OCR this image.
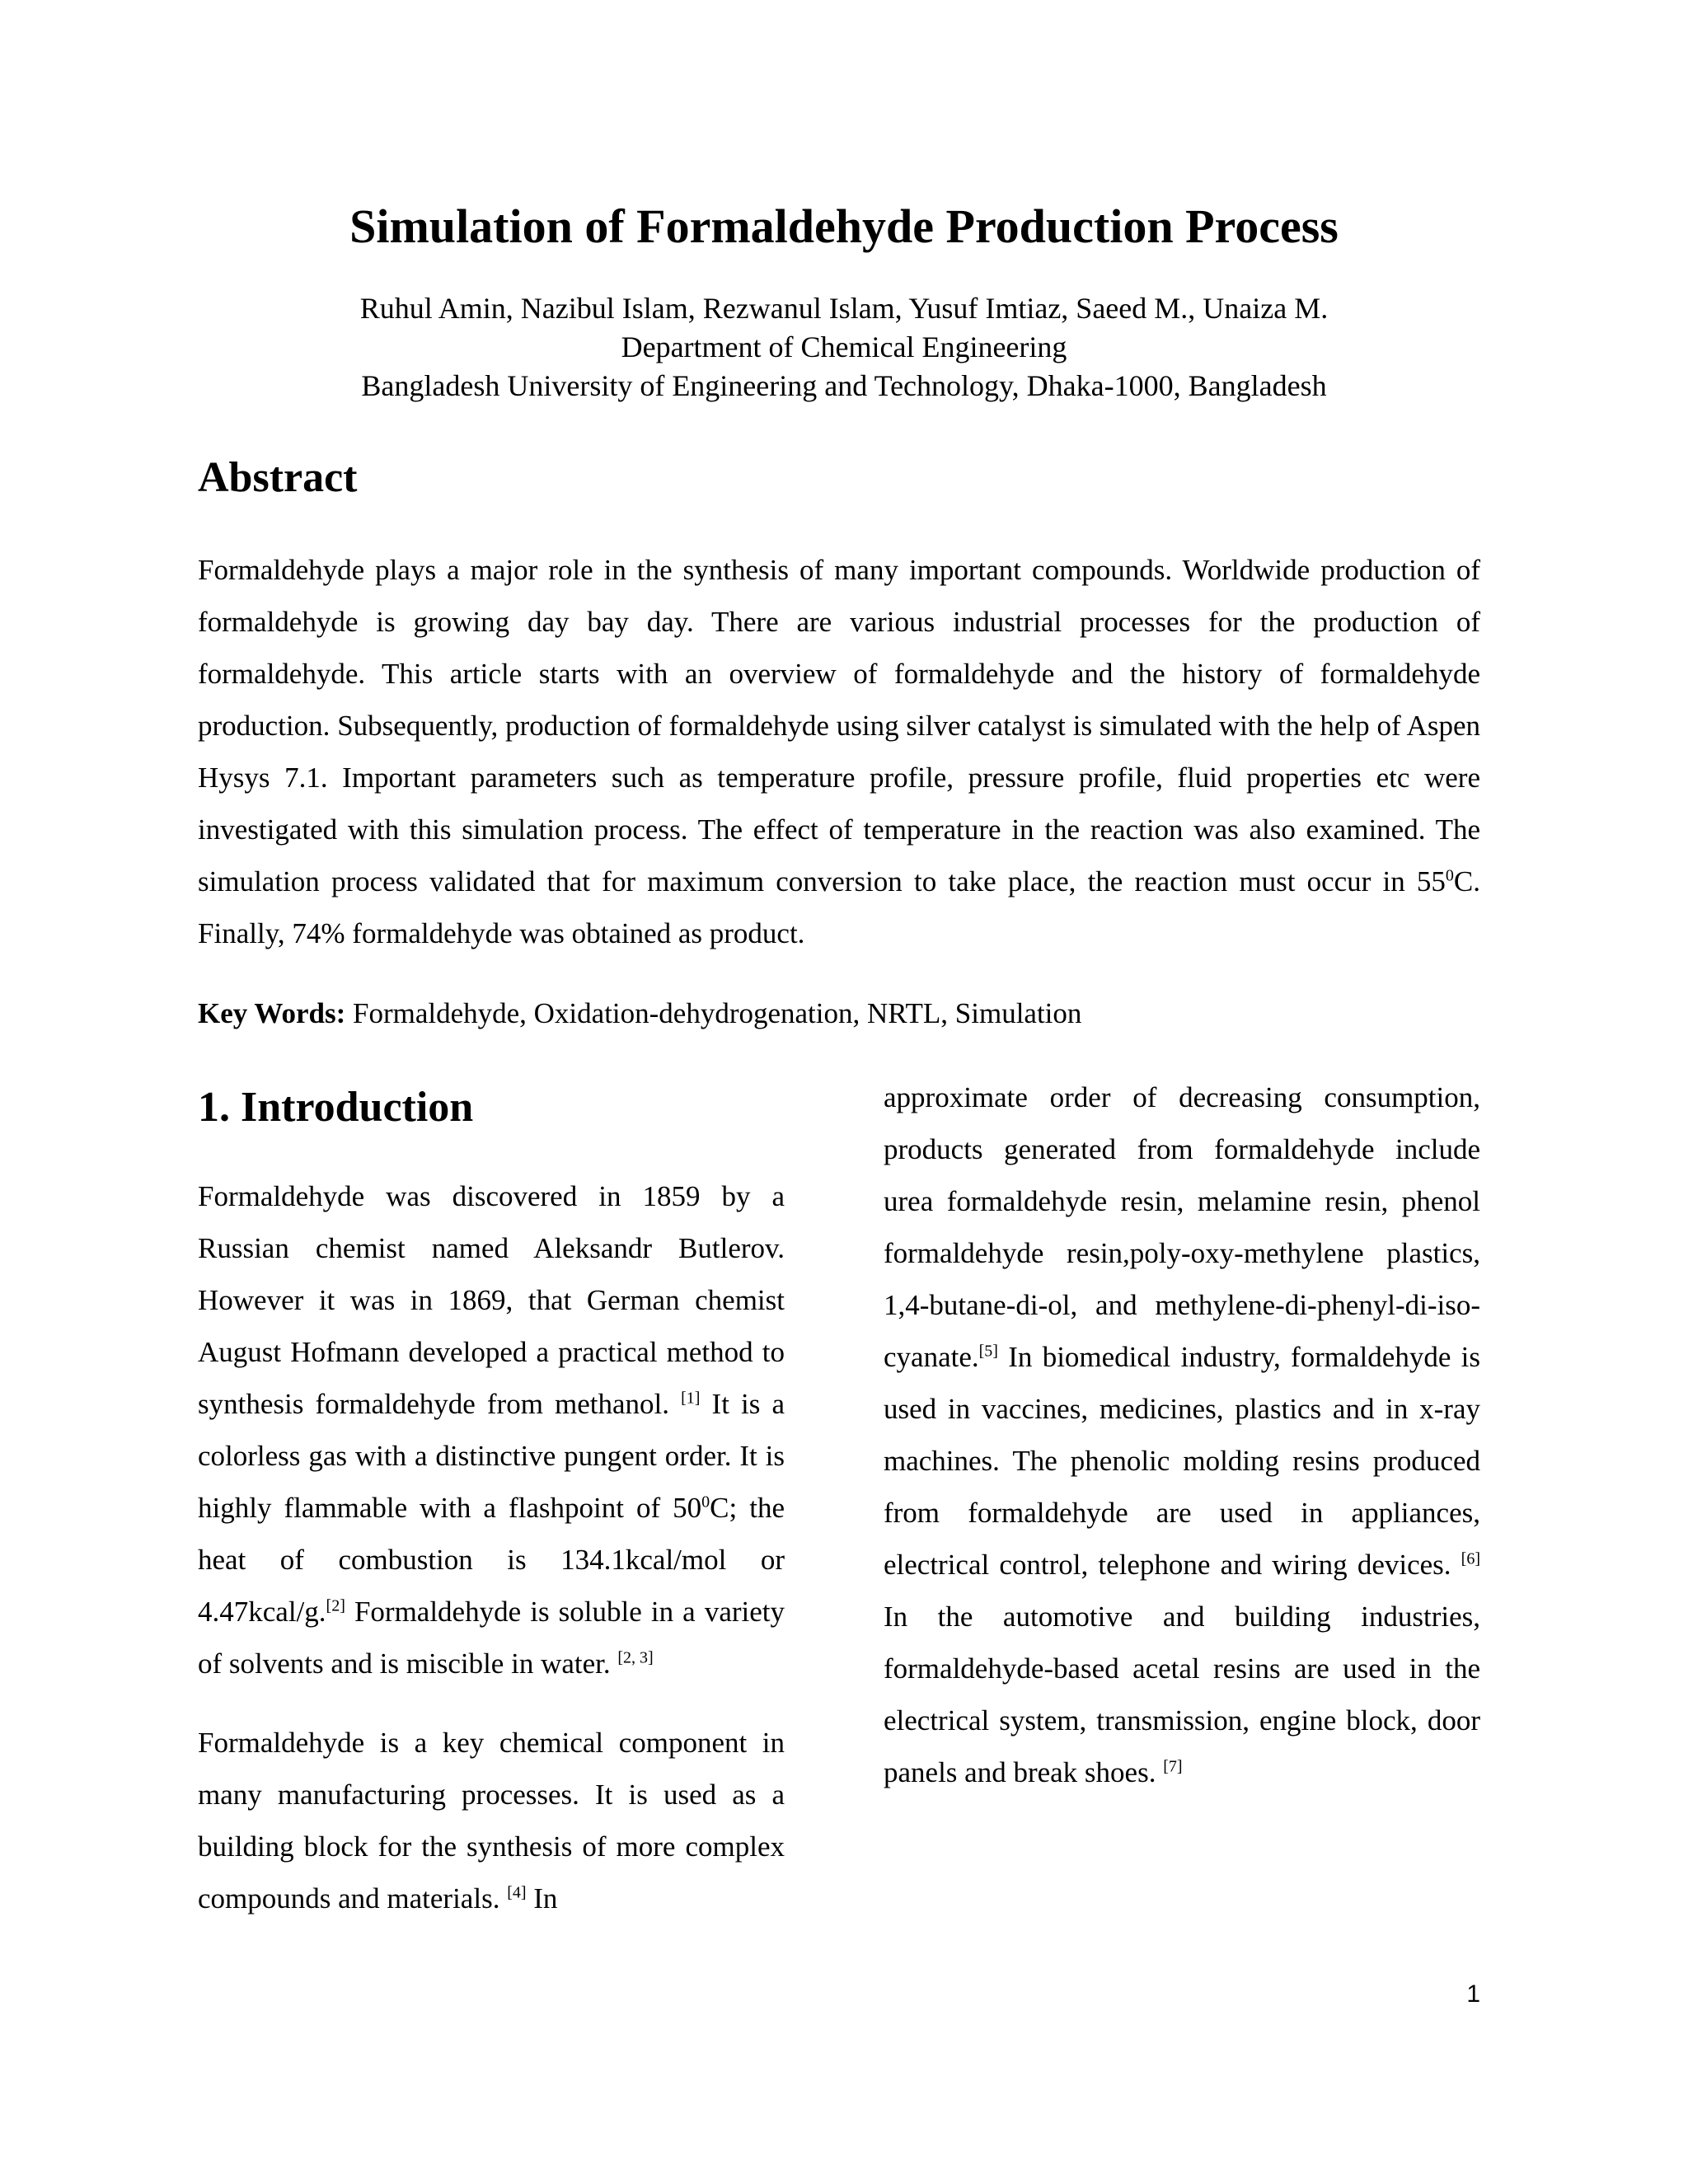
Simulation of Formaldehyde Production Process
Ruhul Amin, Nazibul Islam, Rezwanul Islam, Yusuf Imtiaz, Saeed M., Unaiza M.
Department of Chemical Engineering
Bangladesh University of Engineering and Technology, Dhaka-1000, Bangladesh
Abstract

Formaldehyde plays a major role in the synthesis of many important compounds. Worldwide production of formaldehyde is growing day bay day. There are various industrial processes for the production of formaldehyde. This article starts with an overview of formaldehyde and the history of formaldehyde production. Subsequently, production of formaldehyde using silver catalyst is simulated with the help of Aspen Hysys 7.1. Important parameters such as temperature profile, pressure profile, fluid properties etc were investigated with this simulation process. The effect of temperature in the reaction was also examined. The simulation process validated that for maximum conversion to take place, the reaction must occur in $55^0C$. Finally, 74% formaldehyde was obtained as product.

Key Words: Formaldehyde, Oxidation-dehydrogenation, NRTL, Simulation
1. Introduction

Formaldehyde was discovered in 1859 by a Russian chemist named Aleksandr Butlerov. However it was in 1869, that German chemist August Hofmann developed a practical method to synthesis formaldehyde from methanol. [1] It is a colorless gas with a distinctive pungent order. It is highly flammable with a flashpoint of $50^0C$; the heat of combustion is 134.1kcal/mol or 4.47kcal/g.[2] Formaldehyde is soluble in a variety of solvents and is miscible in water. [2, 3]

Formaldehyde is a key chemical component in many manufacturing processes. It is used as a building block for the synthesis of more complex compounds and materials. [4] In

approximate order of decreasing consumption, products generated from formaldehyde include urea formaldehyde resin, melamine resin, phenol formaldehyde resin,poly-oxy-methylene plastics, 1,4-butane-di-ol, and methylene-di-phenyl-di-iso-cyanate.[5] In biomedical industry, formaldehyde is used in vaccines, medicines, plastics and in x-ray machines. The phenolic molding resins produced from formaldehyde are used in appliances, electrical control, telephone and wiring devices. [6] In the automotive and building industries, formaldehyde-based acetal resins are used in the electrical system, transmission, engine block, door panels and break shoes. [7]

1
